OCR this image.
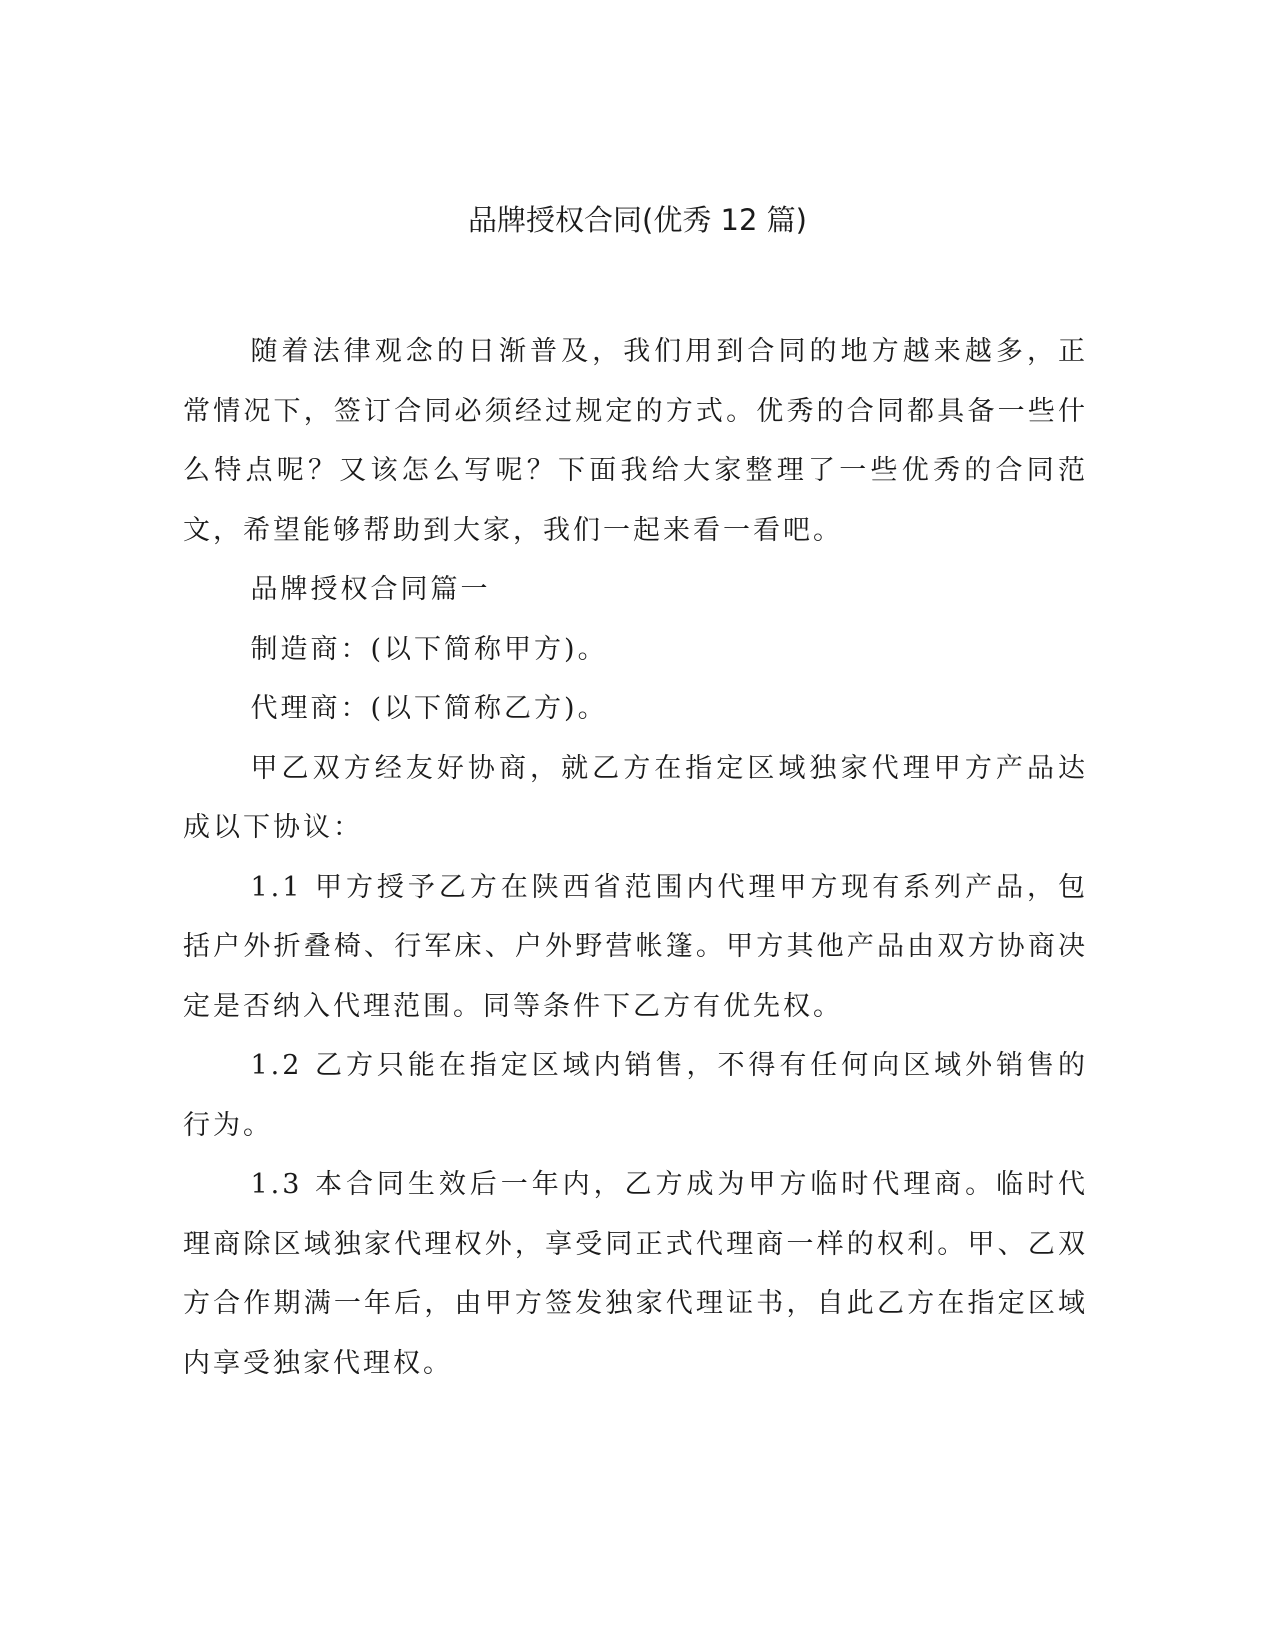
品牌授权合同(优秀 12 篇)

随着法律观念的日渐普及，我们用到合同的地方越来越多，正常情况下，签订合同必须经过规定的方式。优秀的合同都具备一些什么特点呢？又该怎么写呢？下面我给大家整理了一些优秀的合同范文，希望能够帮助到大家，我们一起来看一看吧。

品牌授权合同篇一

制造商：(以下简称甲方)。

代理商：(以下简称乙方)。

甲乙双方经友好协商，就乙方在指定区域独家代理甲方产品达成以下协议：

1.1 甲方授予乙方在陕西省范围内代理甲方现有系列产品，包括户外折叠椅、行军床、户外野营帐篷。甲方其他产品由双方协商决定是否纳入代理范围。同等条件下乙方有优先权。

1.2 乙方只能在指定区域内销售，不得有任何向区域外销售的行为。

1.3 本合同生效后一年内，乙方成为甲方临时代理商。临时代理商除区域独家代理权外，享受同正式代理商一样的权利。甲、乙双方合作期满一年后，由甲方签发独家代理证书，自此乙方在指定区域内享受独家代理权。
